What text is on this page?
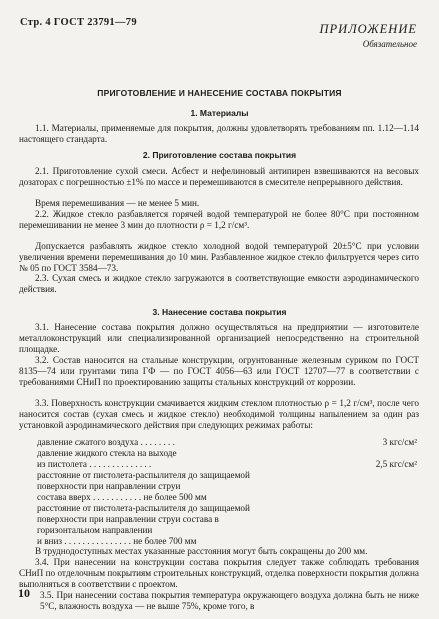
Стр. 4 ГОСТ 23791—79	ПРИЛОЖЕНИЕ
Обязательное
ПРИГОТОВЛЕНИЕ И НАНЕСЕНИЕ СОСТАВА ПОКРЫТИЯ
1. Материалы
1.1. Материалы, применяемые для покрытия, должны удовлетворять требованиям пп. 1.12—1.14 настоящего стандарта.
2. Приготовление состава покрытия
2.1. Приготовление сухой смеси. Асбест и нефелиновый антипирен взвешиваются на весовых дозаторах с погрешностью ±1% по массе и перемешиваются в смесителе непрерывного действия.
Время перемешивания — не менее 5 мин.
2.2. Жидкое стекло разбавляется горячей водой температурой не более 80°С при постоянном перемешивании не менее 3 мин до плотности ρ = 1,2 г/см³.
Допускается разбавлять жидкое стекло холодной водой температурой 20±5°С при условии увеличения времени перемешивания до 10 мин. Разбавленное жидкое стекло фильтруется через сито № 05 по ГОСТ 3584—73.
2.3. Сухая смесь и жидкое стекло загружаются в соответствующие емкости аэродинамического действия.
3. Нанесение состава покрытия
3.1. Нанесение состава покрытия должно осуществляться на предприятии — изготовителе металлоконструкций или специализированной организацией непосредственно на строительной площадке.
3.2. Состав наносится на стальные конструкции, огрунтованные железным суриком по ГОСТ 8135—74 или грунтами типа ГФ — по ГОСТ 4056—63 или ГОСТ 12707—77 в соответствии с требованиями СНиП по проектированию защиты стальных конструкций от коррозии.
3.3. Поверхность конструкции смачивается жидким стеклом плотностью ρ = 1,2 г/см³, после чего наносится состав (сухая смесь и жидкое стекло) необходимой толщины напылением за один раз установкой аэродинамического действия при следующих режимах работы:
давление сжатого воздуха . . . . . . . .	3 кгс/см²
давление жидкого стекла на выходе
из пистолета . . . . . . . . . . . . . .	2,5 кгс/см²
расстояние от пистолета-распылителя до защищаемой
поверхности при направлении струи
состава вверх . . . . . . . . . . . не более 500 мм
расстояние от пистолета-распылителя до защищаемой
поверхности при направлении струи состава в
горизонтальном направлении
и вниз . . . . . . . . . . . . . . . не более 700 мм
В труднодоступных местах указанные расстояния могут быть сокращены до 200 мм.
3.4. При нанесении на конструкции состава покрытия следует также соблюдать требования СНиП по отделочным покрытиям строительных конструкций, отделка поверхности покрытия должна выполняться в соответствии с проектом.
10 3.5. При нанесении состава покрытия температура окружающего воздуха должна быть не ниже 5°С, влажность воздуха — не выше 75%, кроме того, в
